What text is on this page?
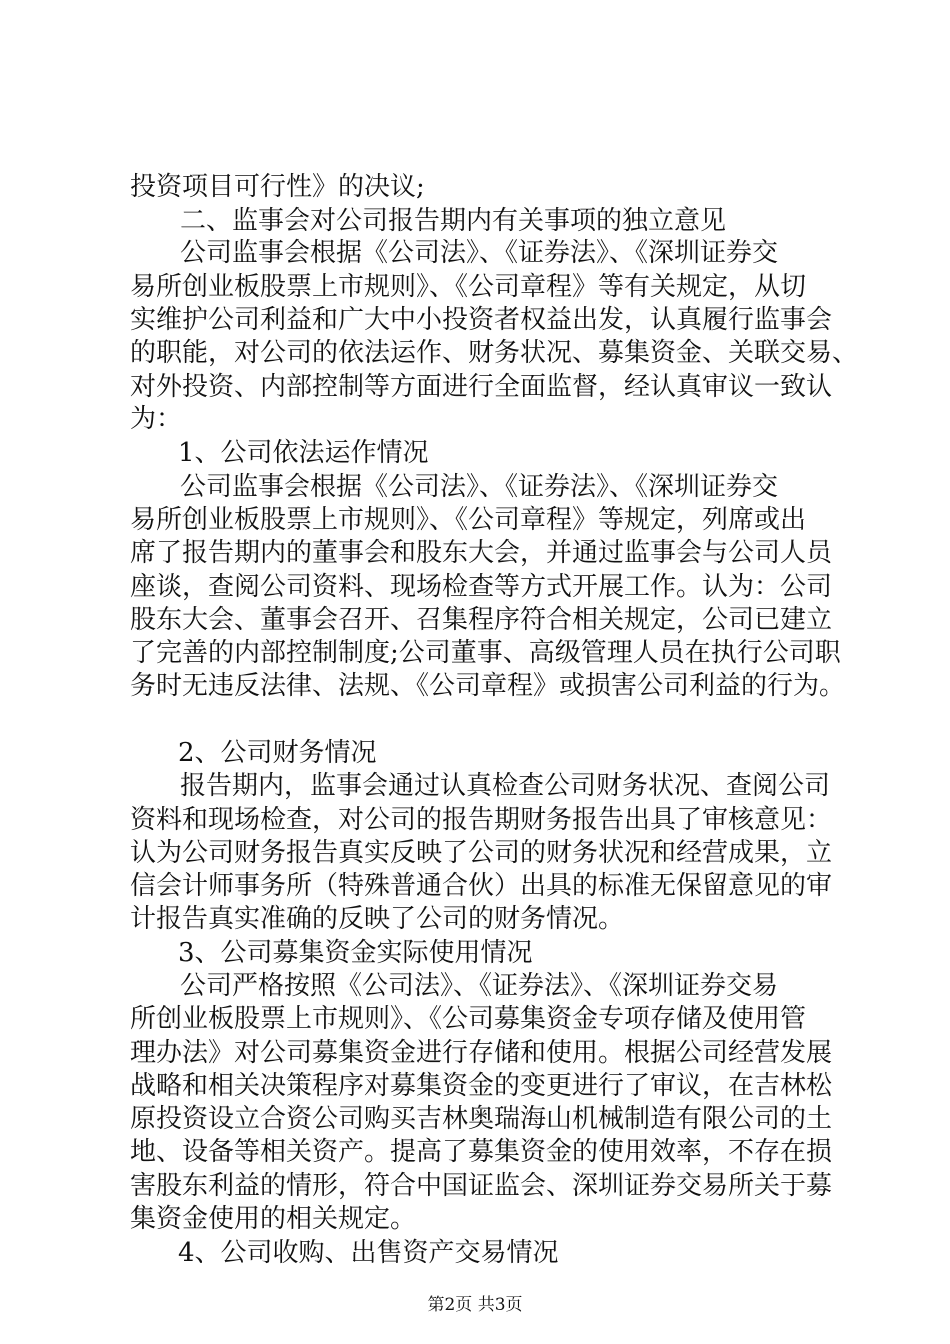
投资项目可行性》的决议;
二、监事会对公司报告期内有关事项的独立意见
公司监事会根据《公司法》、《证券法》、《深圳证券交
易所创业板股票上市规则》、《公司章程》等有关规定，从切
实维护公司利益和广大中小投资者权益出发，认真履行监事会
的职能，对公司的依法运作、财务状况、募集资金、关联交易、
对外投资、内部控制等方面进行全面监督，经认真审议一致认
为：
1、公司依法运作情况
公司监事会根据《公司法》、《证券法》、《深圳证券交
易所创业板股票上市规则》、《公司章程》等规定，列席或出
席了报告期内的董事会和股东大会，并通过监事会与公司人员
座谈，查阅公司资料、现场检查等方式开展工作。认为：公司
股东大会、董事会召开、召集程序符合相关规定，公司已建立
了完善的内部控制制度;公司董事、高级管理人员在执行公司职
务时无违反法律、法规、《公司章程》或损害公司利益的行为。
2、公司财务情况
报告期内，监事会通过认真检查公司财务状况、查阅公司
资料和现场检查，对公司的报告期财务报告出具了审核意见：
认为公司财务报告真实反映了公司的财务状况和经营成果，立
信会计师事务所（特殊普通合伙）出具的标准无保留意见的审
计报告真实准确的反映了公司的财务情况。
3、公司募集资金实际使用情况
公司严格按照《公司法》、《证券法》、《深圳证券交易
所创业板股票上市规则》、《公司募集资金专项存储及使用管
理办法》对公司募集资金进行存储和使用。根据公司经营发展
战略和相关决策程序对募集资金的变更进行了审议，在吉林松
原投资设立合资公司购买吉林奥瑞海山机械制造有限公司的土
地、设备等相关资产。提高了募集资金的使用效率，不存在损
害股东利益的情形，符合中国证监会、深圳证券交易所关于募
集资金使用的相关规定。
4、公司收购、出售资产交易情况
第2页 共3页
